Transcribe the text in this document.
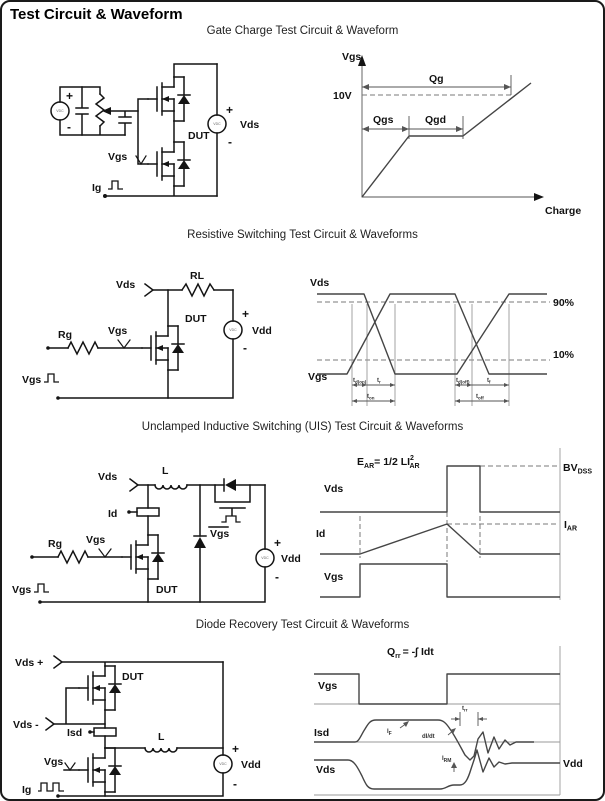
Test Circuit & Waveform
Gate Charge Test Circuit & Waveform
VDC
+
-
DUT
Vgs
Ig
VDC
+
Vds
-
Vgs
Charge
10V
Qg
Qgs	Qgd
Resistive Switching Test Circuit & Waveforms
Vds
RL
DUT
Rg	Vgs
Vgs
VDC
+
Vdd
-
Vds
Vgs
90%
10%
$t_{d(on)}$ $t_r$
$t_{on}$
$t_{d(off)}$	$t_f$
$t_{off}$
Unclamped Inductive Switching (UIS) Test Circuit & Waveforms
Vds	L
Id
DUT
Rg Vgs
Vgs
Vgs
VDC
+
Vdd
-
$E_{AR}= 1/2$ $LI^2$ AR
Vds
Id
Vgs
$BV_{DSS}$
$I_{AR}$
Diode Recovery Test Circuit & Waveforms
Vds +
DUT
Vds -
Isd	L
Vgs
Ig
VDC
+
Vdd
-
$Q_{rr}$ = -∫ Idt
Vgs
Isd	$I_F$	dI/dt
$t_{rr}$
$I_{RM}$
Vds	Vdd
